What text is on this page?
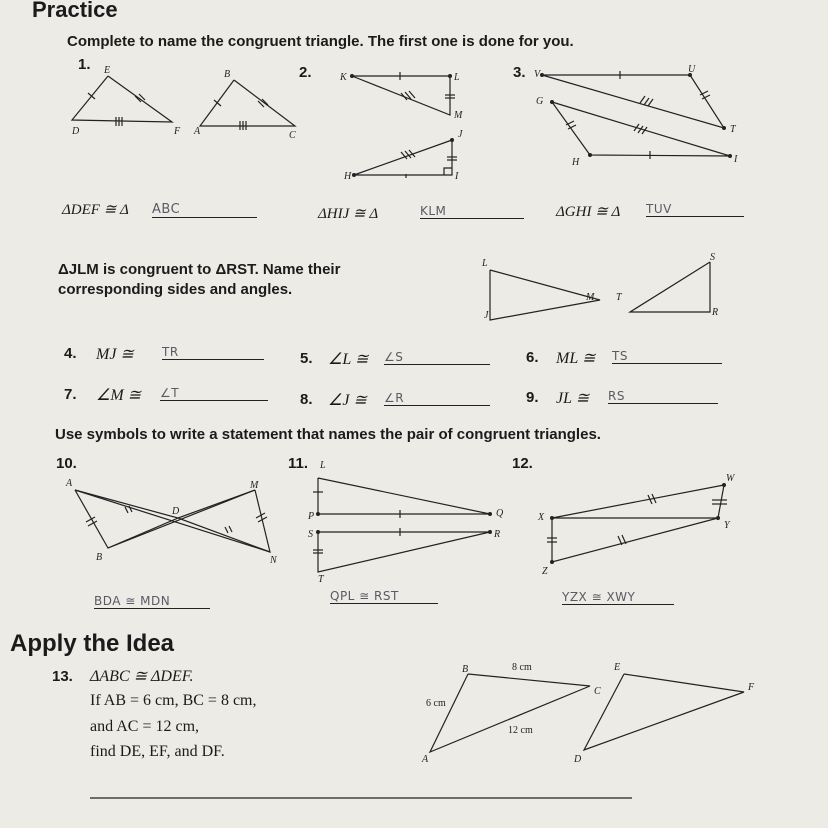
Practice
Complete to name the congruent triangle. The first one is done for you.
1.	2.	3.
E
D	F
B
A	C
K	L
M
J
H	I
V	U
G
T
H	I
L
M
J
S
T
R
A	M
D
B	N
L
P	Q
S	R
T
W
X
Y
Z
ΔDEF ≅ Δ ABC	ΔHIJ ≅ Δ	KLM	ΔGHI ≅ Δ TUV
ΔJLM is congruent to ΔRST. Name their
corresponding sides and angles.
4. MJ ≅ TR	5. ∠L ≅ ∠S	6. ML ≅ TS
7. ∠M ≅ ∠T	8. ∠J ≅ ∠R	9. JL ≅ RS
Use symbols to write a statement that names the pair of congruent triangles.
10.	11.	12.
BDA ≅ MDN	QPL ≅ RST	YZX ≅ XWY
Apply the Idea
13. ΔABC ≅ ΔDEF.
If AB = 6 cm, BC = 8 cm,
and AC = 12 cm,
find DE, EF, and DF.
B
C
A
E
F
D
8 cm
6 cm
12 cm
